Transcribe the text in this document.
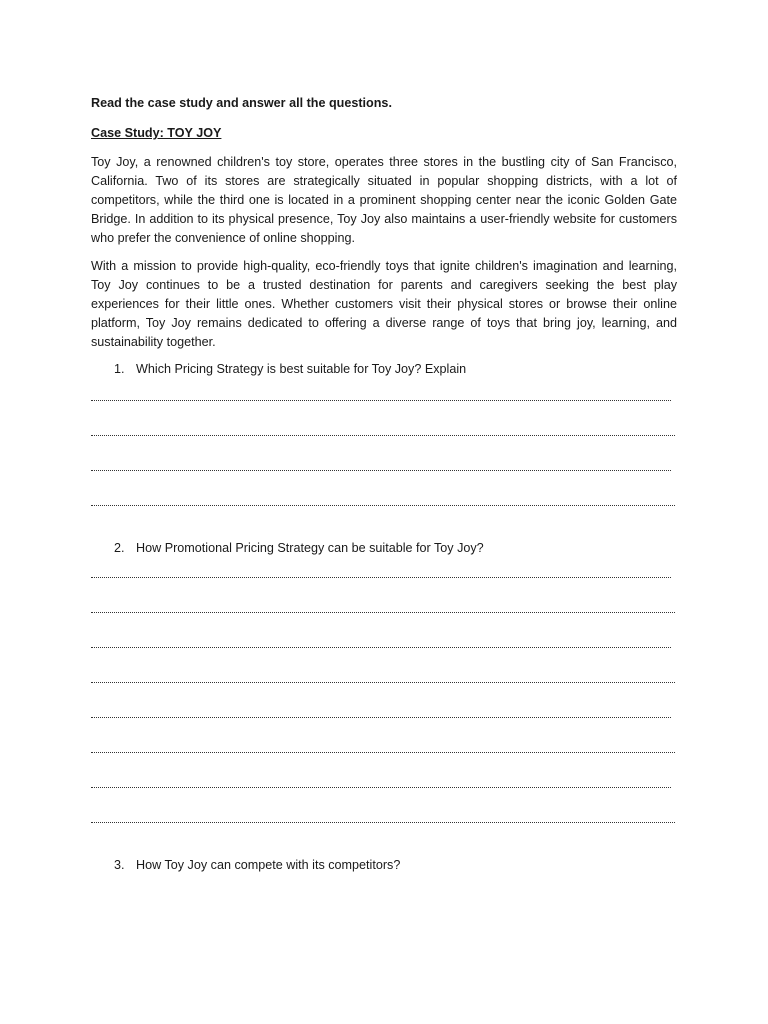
Read the case study and answer all the questions.

Case Study: TOY JOY

Toy Joy, a renowned children's toy store, operates three stores in the bustling city of San Francisco, California. Two of its stores are strategically situated in popular shopping districts, with a lot of competitors, while the third one is located in a prominent shopping center near the iconic Golden Gate Bridge. In addition to its physical presence, Toy Joy also maintains a user-friendly website for customers who prefer the convenience of online shopping.

With a mission to provide high-quality, eco-friendly toys that ignite children's imagination and learning, Toy Joy continues to be a trusted destination for parents and caregivers seeking the best play experiences for their little ones. Whether customers visit their physical stores or browse their online platform, Toy Joy remains dedicated to offering a diverse range of toys that bring joy, learning, and sustainability together.

1. Which Pricing Strategy is best suitable for Toy Joy? Explain
2. How Promotional Pricing Strategy can be suitable for Toy Joy?
3. How Toy Joy can compete with its competitors?
